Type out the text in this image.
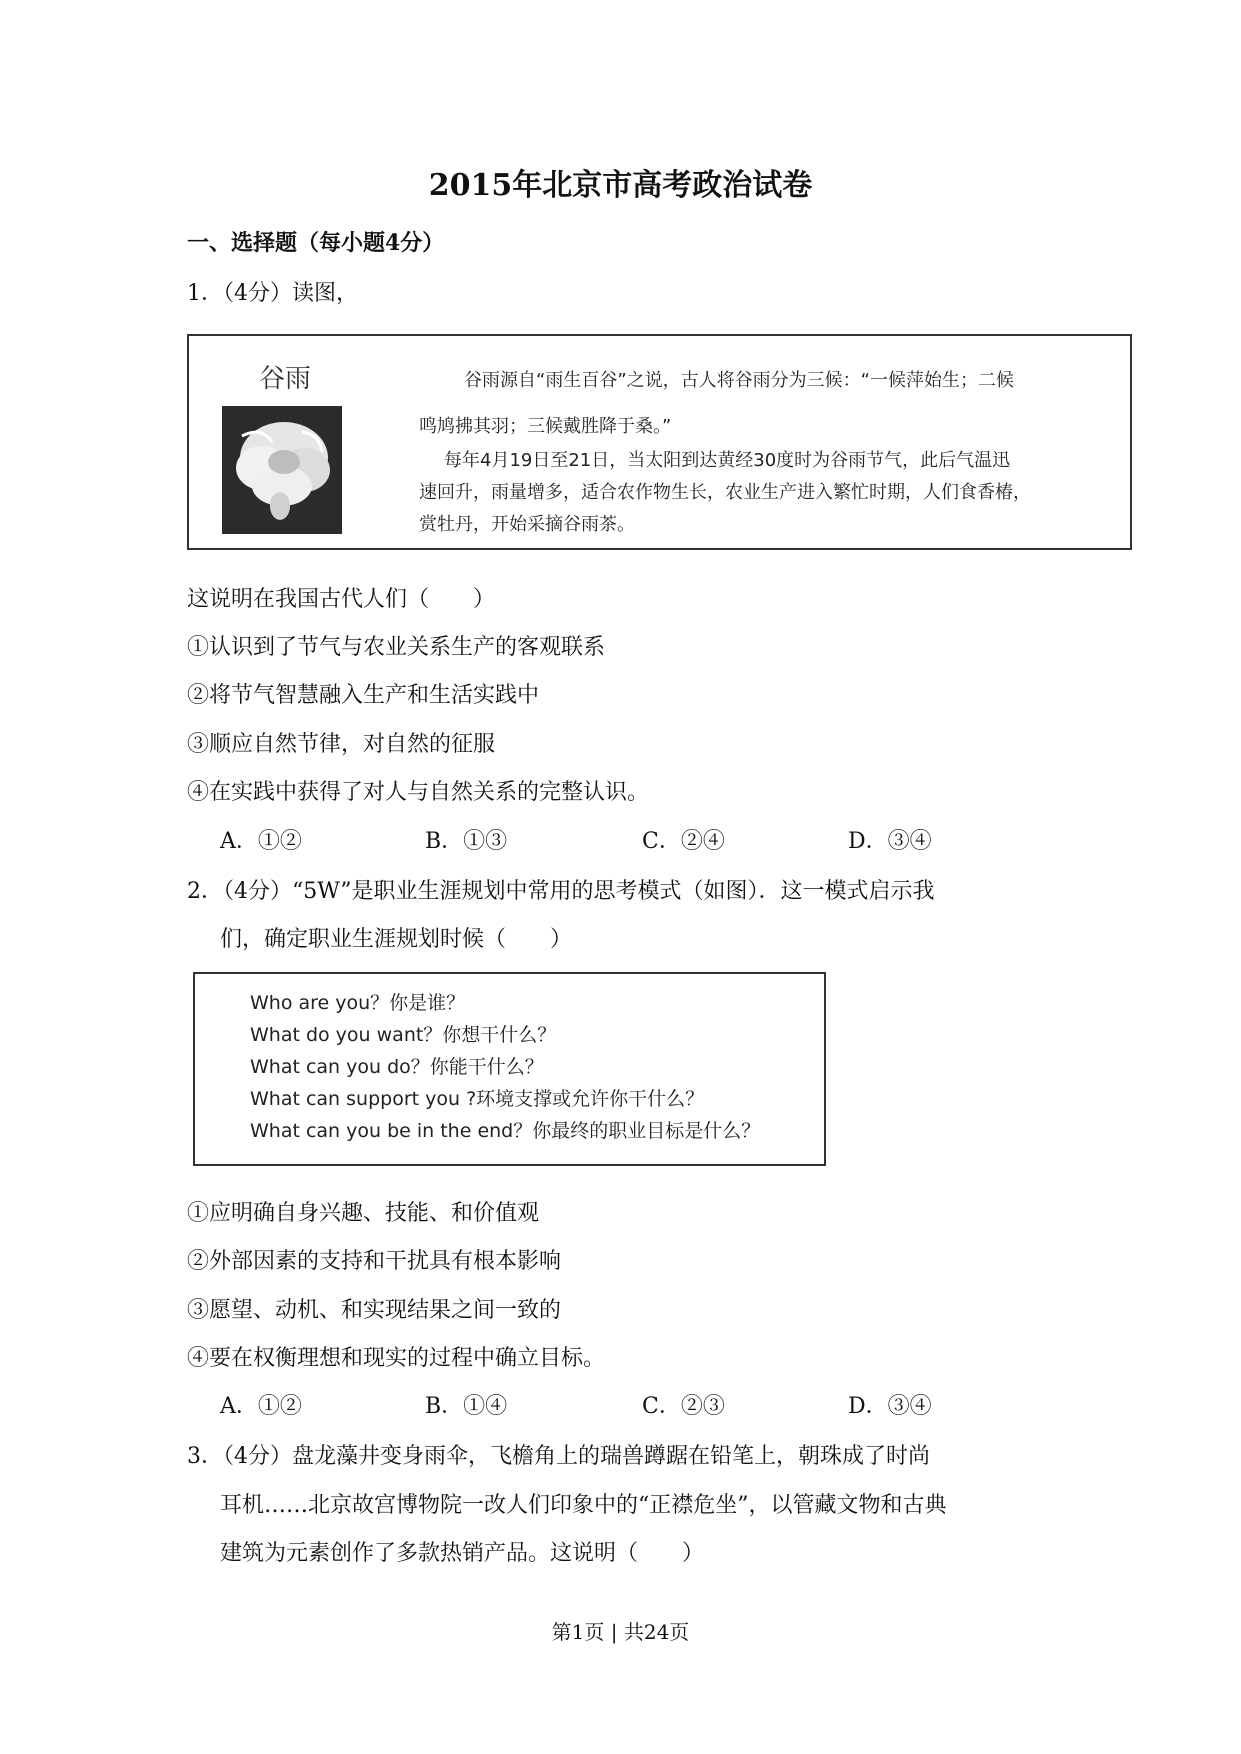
2015年北京市高考政治试卷
一、选择题（每小题4分）
1．（4分）读图，
谷雨	谷雨源自“雨生百谷”之说，古人将谷雨分为三候：“一候萍始生；二候
鸣鸠拂其羽；三候戴胜降于桑。”
每年4月19日至21日，当太阳到达黄经30度时为谷雨节气，此后气温迅
速回升，雨量增多，适合农作物生长，农业生产进入繁忙时期，人们食香椿，
赏牡丹，开始采摘谷雨茶。
这说明在我国古代人们（　　）
①认识到了节气与农业关系生产的客观联系
②将节气智慧融入生产和生活实践中
③顺应自然节律，对自然的征服
④在实践中获得了对人与自然关系的完整认识。
A．①②	B．①③	C．②④	D．③④
2．（4分）“5W”是职业生涯规划中常用的思考模式（如图）．这一模式启示我
们，确定职业生涯规划时候（　　）
Who are you？你是谁？
What do you want？你想干什么？
What can you do？你能干什么？
What can support you ?环境支撑或允许你干什么？
What can you be in the end？你最终的职业目标是什么？
①应明确自身兴趣、技能、和价值观
②外部因素的支持和干扰具有根本影响
③愿望、动机、和实现结果之间一致的
④要在权衡理想和现实的过程中确立目标。
A．①②	B．①④	C．②③	D．③④
3．（4分）盘龙藻井变身雨伞，飞檐角上的瑞兽蹲踞在铅笔上，朝珠成了时尚
耳机……北京故宫博物院一改人们印象中的“正襟危坐”，以管藏文物和古典
建筑为元素创作了多款热销产品。这说明（　　）
第1页 | 共24页
